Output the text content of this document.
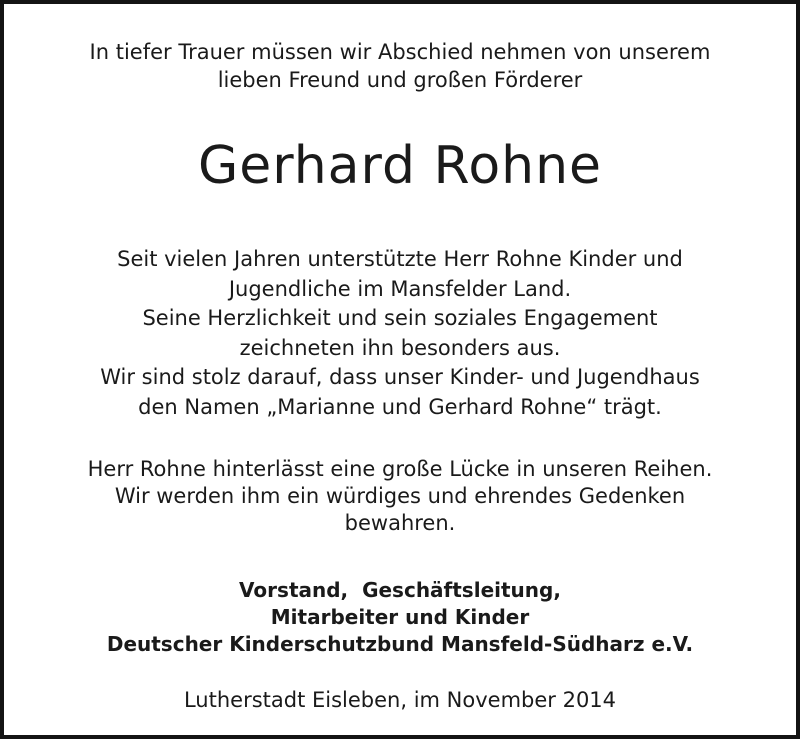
In tiefer Trauer müssen wir Abschied nehmen von unserem
lieben Freund und großen Förderer

Gerhard Rohne

Seit vielen Jahren unterstützte Herr Rohne Kinder und
Jugendliche im Mansfelder Land.
Seine Herzlichkeit und sein soziales Engagement
zeichneten ihn besonders aus.
Wir sind stolz darauf, dass unser Kinder- und Jugendhaus
den Namen „Marianne und Gerhard Rohne“ trägt.

Herr Rohne hinterlässt eine große Lücke in unseren Reihen.
Wir werden ihm ein würdiges und ehrendes Gedenken
bewahren.

Vorstand,  Geschäftsleitung,
Mitarbeiter und Kinder
Deutscher Kinderschutzbund Mansfeld-Südharz e.V.

Lutherstadt Eisleben, im November 2014
